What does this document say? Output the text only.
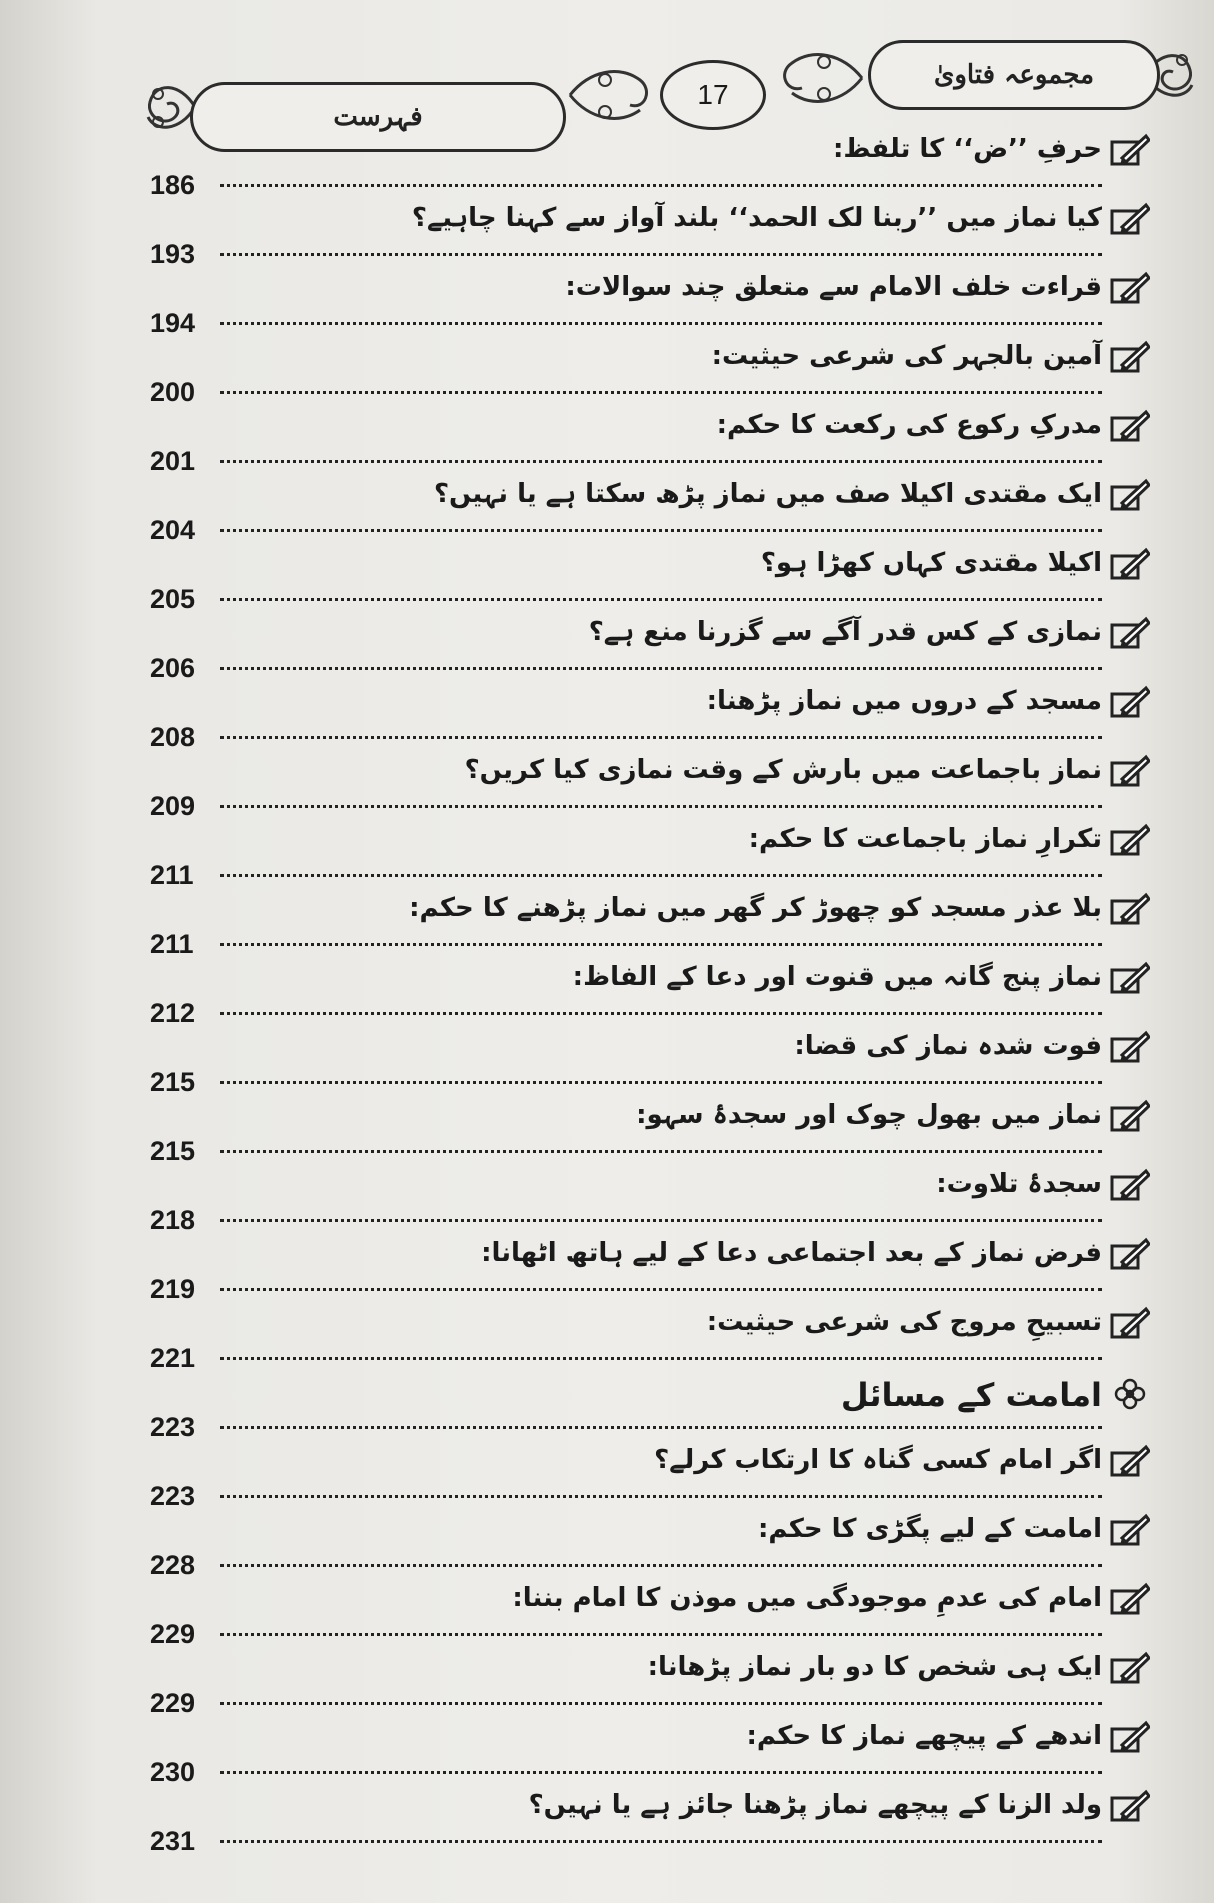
مجموعہ فتاویٰ
17
فہرست
حرفِ ’’ض‘‘ کا تلفظ:
186
کیا نماز میں ’’ربنا لک الحمد‘‘ بلند آواز سے کہنا چاہیے؟
193
قراءت خلف الامام سے متعلق چند سوالات:
194
آمین بالجہر کی شرعی حیثیت:
200
مدرکِ رکوع کی رکعت کا حکم:
201
ایک مقتدی اکیلا صف میں نماز پڑھ سکتا ہے یا نہیں؟
204
اکیلا مقتدی کہاں کھڑا ہو؟
205
نمازی کے کس قدر آگے سے گزرنا منع ہے؟
206
مسجد کے دروں میں نماز پڑھنا:
208
نماز باجماعت میں بارش کے وقت نمازی کیا کریں؟
209
تکرارِ نماز باجماعت کا حکم:
211
بلا عذر مسجد کو چھوڑ کر گھر میں نماز پڑھنے کا حکم:
211
نماز پنج گانہ میں قنوت اور دعا کے الفاظ:
212
فوت شدہ نماز کی قضا:
215
نماز میں بھول چوک اور سجدۂ سہو:
215
سجدۂ تلاوت:
218
فرض نماز کے بعد اجتماعی دعا کے لیے ہاتھ اٹھانا:
219
تسبیحِ مروج کی شرعی حیثیت:
221
امامت کے مسائل
223
اگر امام کسی گناہ کا ارتکاب کرلے؟
223
امامت کے لیے پگڑی کا حکم:
228
امام کی عدمِ موجودگی میں موذن کا امام بننا:
229
ایک ہی شخص کا دو بار نماز پڑھانا:
229
اندھے کے پیچھے نماز کا حکم:
230
ولد الزنا کے پیچھے نماز پڑھنا جائز ہے یا نہیں؟
231
